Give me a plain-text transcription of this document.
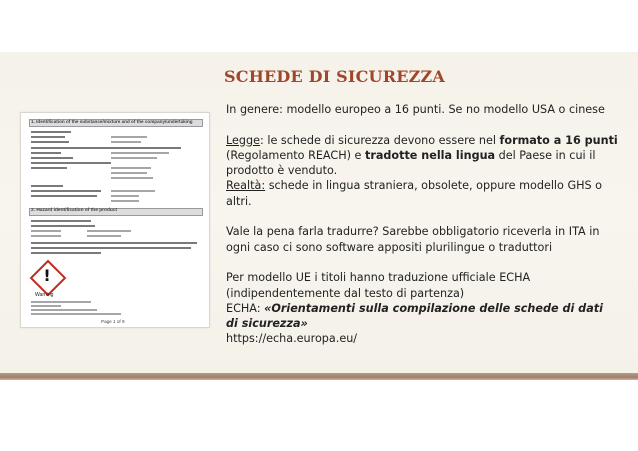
1. Identification of the substance/mixture and of the company/undertaking
2. Hazard identification of the product
!
Warning
Page 1 of 9
SCHEDE DI SICUREZZA

In genere: modello europeo a 16 punti. Se no modello USA o cinese

Legge: le schede di sicurezza devono essere nel formato a 16 punti (Regolamento REACH) e tradotte nella lingua del Paese in cui il prodotto è venduto.

Realtà: schede in lingua straniera, obsolete, oppure modello GHS o altri.

Vale la pena farla tradurre? Sarebbe obbligatorio riceverla in ITA in ogni caso ci sono software appositi plurilingue o traduttori

Per modello UE i titoli hanno traduzione ufficiale ECHA (indipendentemente dal testo di partenza)

ECHA: «Orientamenti sulla compilazione delle schede di dati di sicurezza»

https://echa.europa.eu/
